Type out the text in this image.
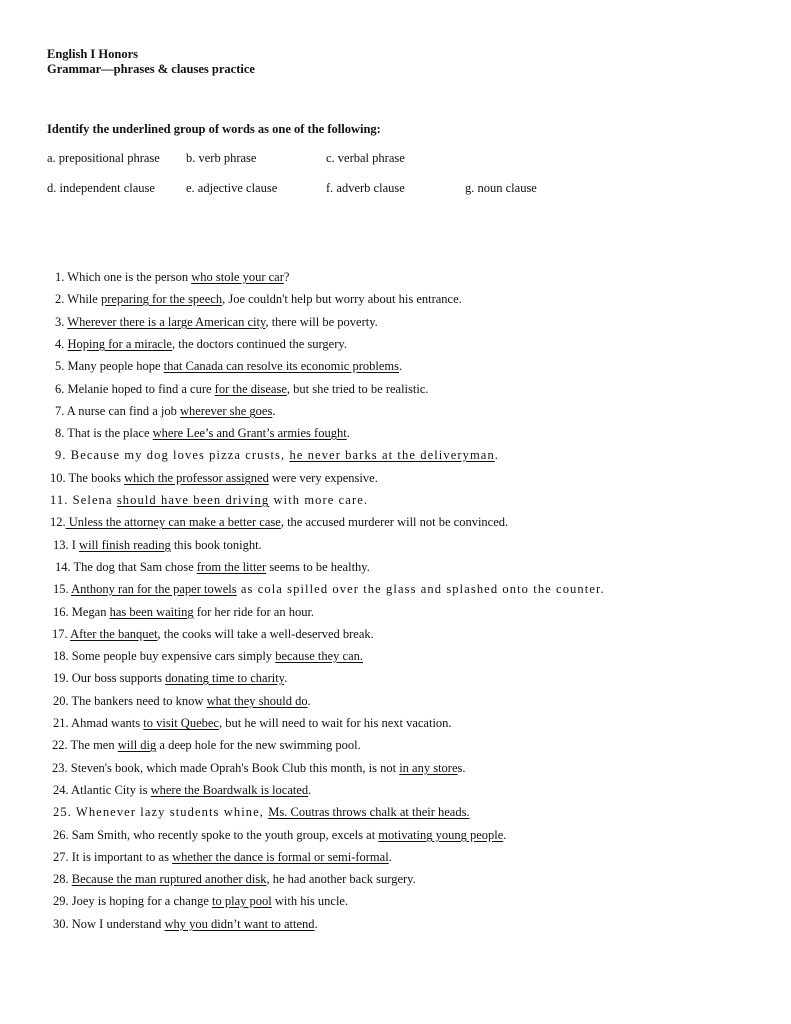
English I Honors
Grammar—phrases & clauses practice
Identify the underlined group of words as one of the following:
a. prepositional phrase b. verb phrase	c. verbal phrase
d. independent clause e. adjective clause	f. adverb clause	g. noun clause
1. Which one is the person who stole your car?
2. While preparing for the speech, Joe couldn't help but worry about his entrance.
3. Wherever there is a large American city, there will be poverty.
4. Hoping for a miracle, the doctors continued the surgery.
5. Many people hope that Canada can resolve its economic problems.
6. Melanie hoped to find a cure for the disease, but she tried to be realistic.
7. A nurse can find a job wherever she goes.
8. That is the place where Lee’s and Grant’s armies fought.
9. Because my dog loves pizza crusts, he never barks at the deliveryman.
10. The books which the professor assigned were very expensive.
11. Selena should have been driving with more care.
12. Unless the attorney can make a better case, the accused murderer will not be convinced.
13. I will finish reading this book tonight.
14. The dog that Sam chose from the litter seems to be healthy.
15. Anthony ran for the paper towels as cola spilled over the glass and splashed onto the counter.
16. Megan has been waiting for her ride for an hour.
17. After the banquet, the cooks will take a well-deserved break.
18. Some people buy expensive cars simply because they can.
19. Our boss supports donating time to charity.
20. The bankers need to know what they should do.
21. Ahmad wants to visit Quebec, but he will need to wait for his next vacation.
22. The men will dig a deep hole for the new swimming pool.
23. Steven's book, which made Oprah's Book Club this month, is not in any stores.
24. Atlantic City is where the Boardwalk is located.
25. Whenever lazy students whine, Ms. Coutras throws chalk at their heads.
26. Sam Smith, who recently spoke to the youth group, excels at motivating young people.
27. It is important to as whether the dance is formal or semi-formal.
28. Because the man ruptured another disk, he had another back surgery.
29. Joey is hoping for a change to play pool with his uncle.
30. Now I understand why you didn’t want to attend.
